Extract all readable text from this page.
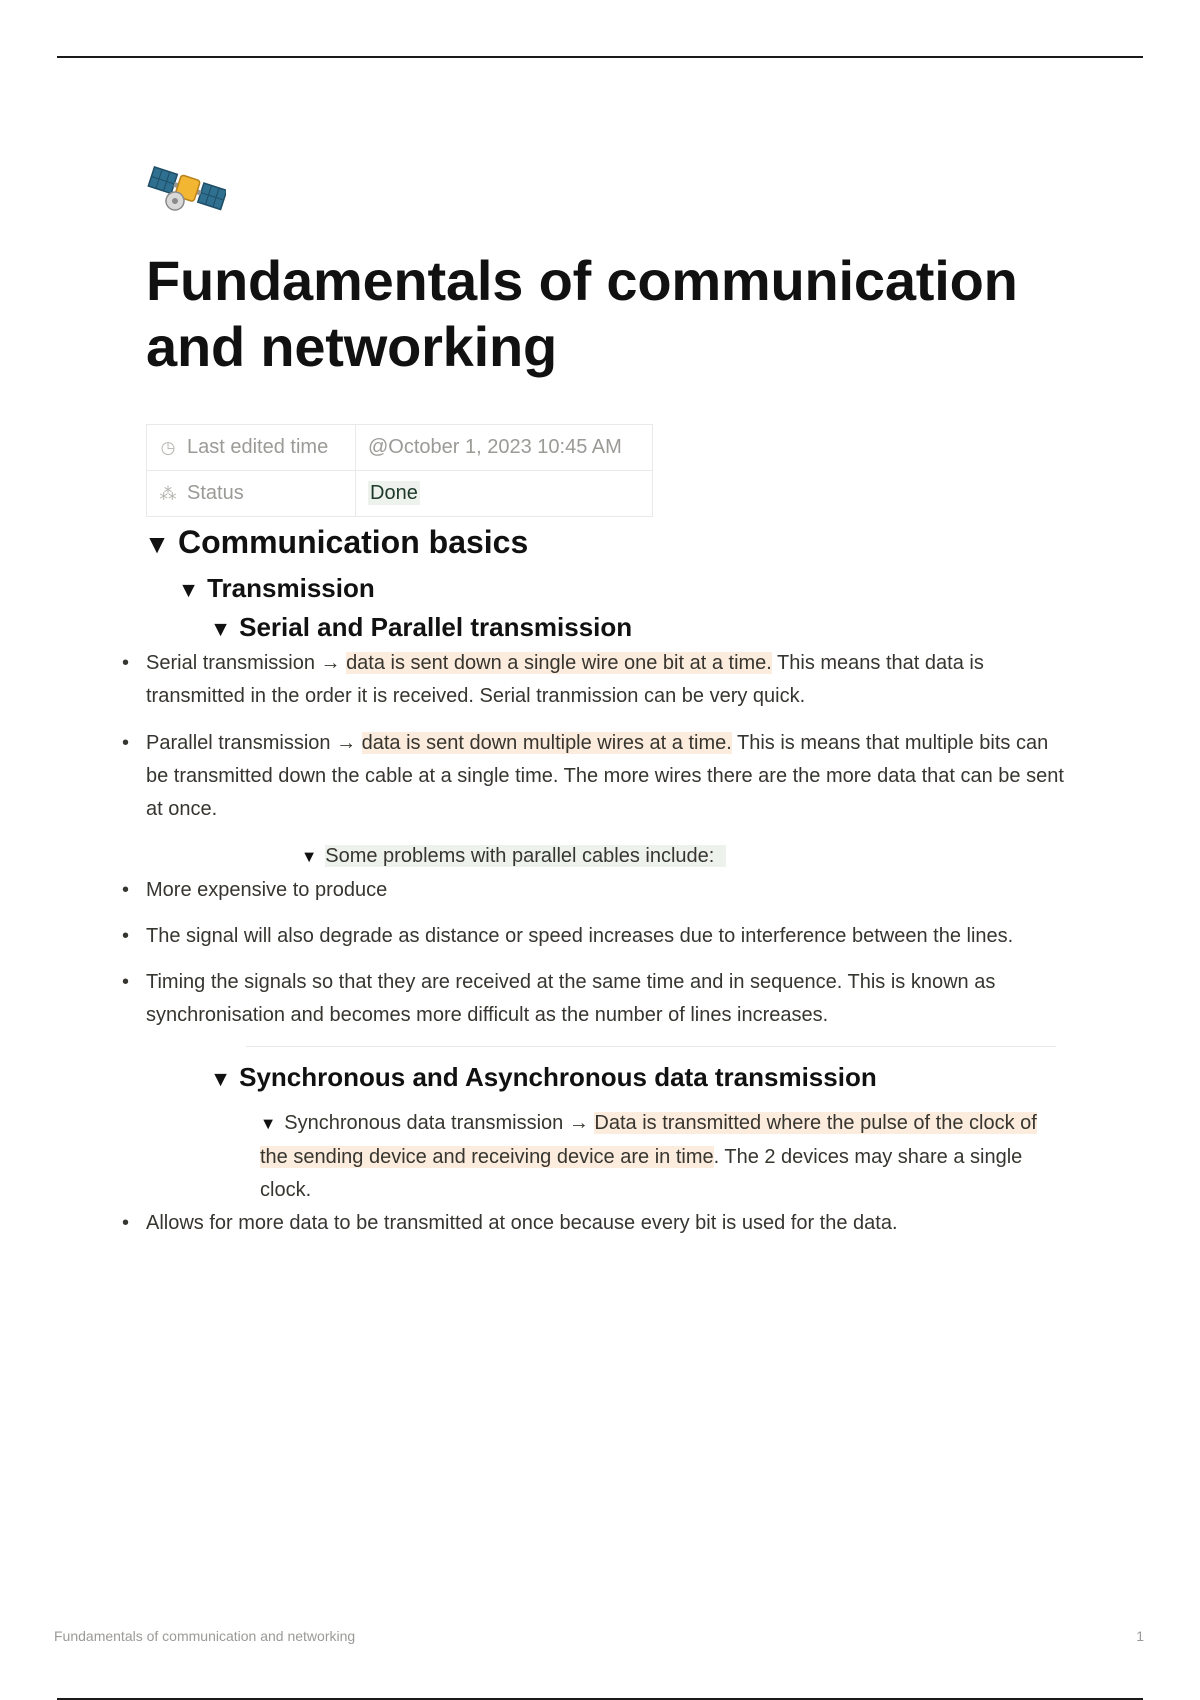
Fundamentals of communication and networking
◷ Last edited time	@October 1, 2023 10:45 AM
⁂ Status	Done
▼ Communication basics
▼ Transmission
▼ Serial and Parallel transmission
• Serial transmission → data is sent down a single wire one bit at a time. This means that data is transmitted in the order it is received. Serial tranmission can be very quick.
• Parallel transmission → data is sent down multiple wires at a time. This is means that multiple bits can be transmitted down the cable at a single time. The more wires there are the more data that can be sent at once.
▼ Some problems with parallel cables include:
• More expensive to produce
• The signal will also degrade as distance or speed increases due to interference between the lines.
• Timing the signals so that they are received at the same time and in sequence. This is known as synchronisation and becomes more difficult as the number of lines increases.
▼ Synchronous and Asynchronous data transmission
▼ Synchronous data transmission → Data is transmitted where the pulse of the clock of the sending device and receiving device are in time. The 2 devices may share a single clock.
• Allows for more data to be transmitted at once because every bit is used for the data.
Fundamentals of communication and networking	1
